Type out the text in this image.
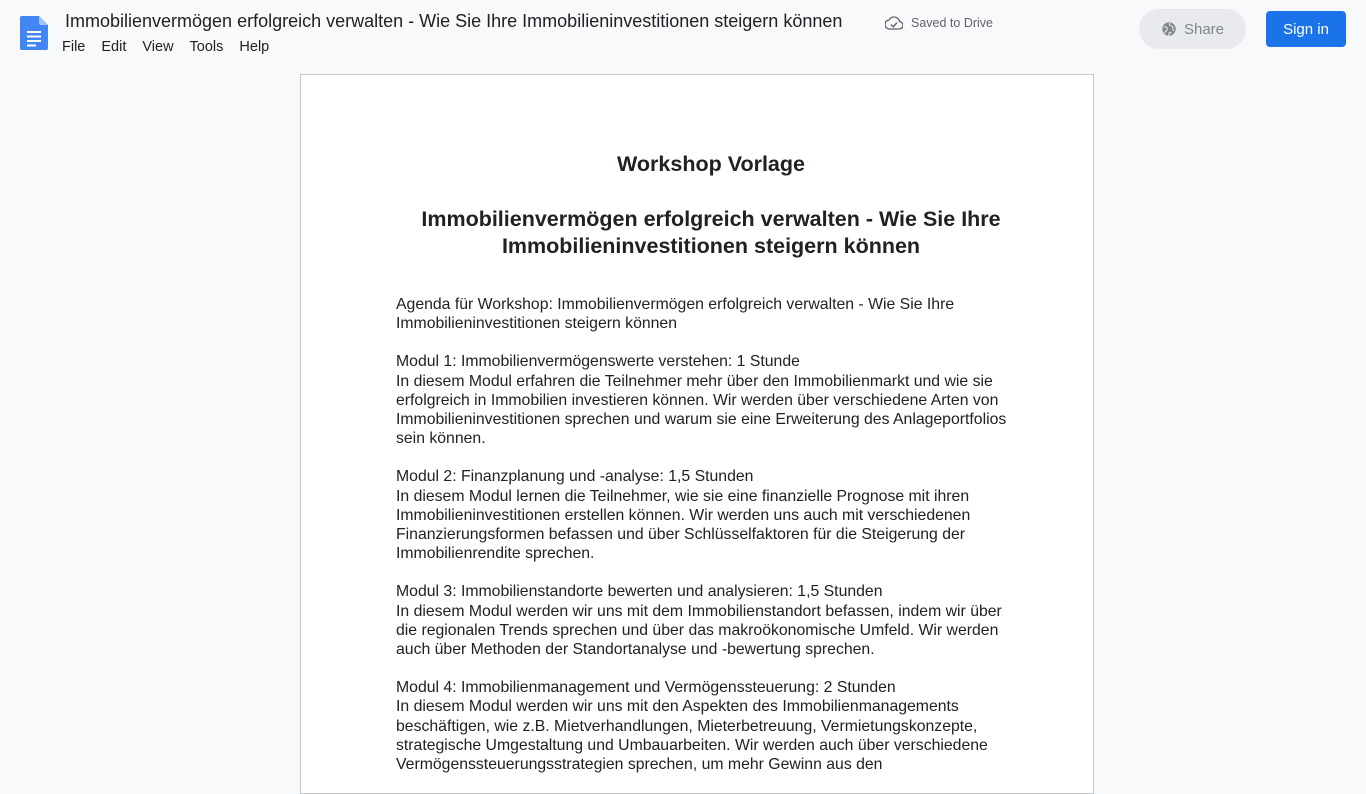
Immobilienvermögen erfolgreich verwalten - Wie Sie Ihre Immobilieninvestitionen steigern können	Saved to Drive
File	Edit	View	Tools	Help
Share	Sign in

Workshop Vorlage

Immobilienvermögen erfolgreich verwalten - Wie Sie Ihre Immobilieninvestitionen steigern können

Agenda für Workshop: Immobilienvermögen erfolgreich verwalten - Wie Sie Ihre Immobilieninvestitionen steigern können

Modul 1: Immobilienvermögenswerte verstehen: 1 Stunde
In diesem Modul erfahren die Teilnehmer mehr über den Immobilienmarkt und wie sie erfolgreich in Immobilien investieren können. Wir werden über verschiedene Arten von Immobilieninvestitionen sprechen und warum sie eine Erweiterung des Anlageportfolios sein können.

Modul 2: Finanzplanung und -analyse: 1,5 Stunden
In diesem Modul lernen die Teilnehmer, wie sie eine finanzielle Prognose mit ihren Immobilieninvestitionen erstellen können. Wir werden uns auch mit verschiedenen Finanzierungsformen befassen und über Schlüsselfaktoren für die Steigerung der Immobilienrendite sprechen.

Modul 3: Immobilienstandorte bewerten und analysieren: 1,5 Stunden
In diesem Modul werden wir uns mit dem Immobilienstandort befassen, indem wir über die regionalen Trends sprechen und über das makroökonomische Umfeld. Wir werden auch über Methoden der Standortanalyse und -bewertung sprechen.

Modul 4: Immobilienmanagement und Vermögenssteuerung: 2 Stunden
In diesem Modul werden wir uns mit den Aspekten des Immobilienmanagements beschäftigen, wie z.B. Mietverhandlungen, Mieterbetreuung, Vermietungskonzepte, strategische Umgestaltung und Umbauarbeiten. Wir werden auch über verschiedene Vermögenssteuerungsstrategien sprechen, um mehr Gewinn aus den
